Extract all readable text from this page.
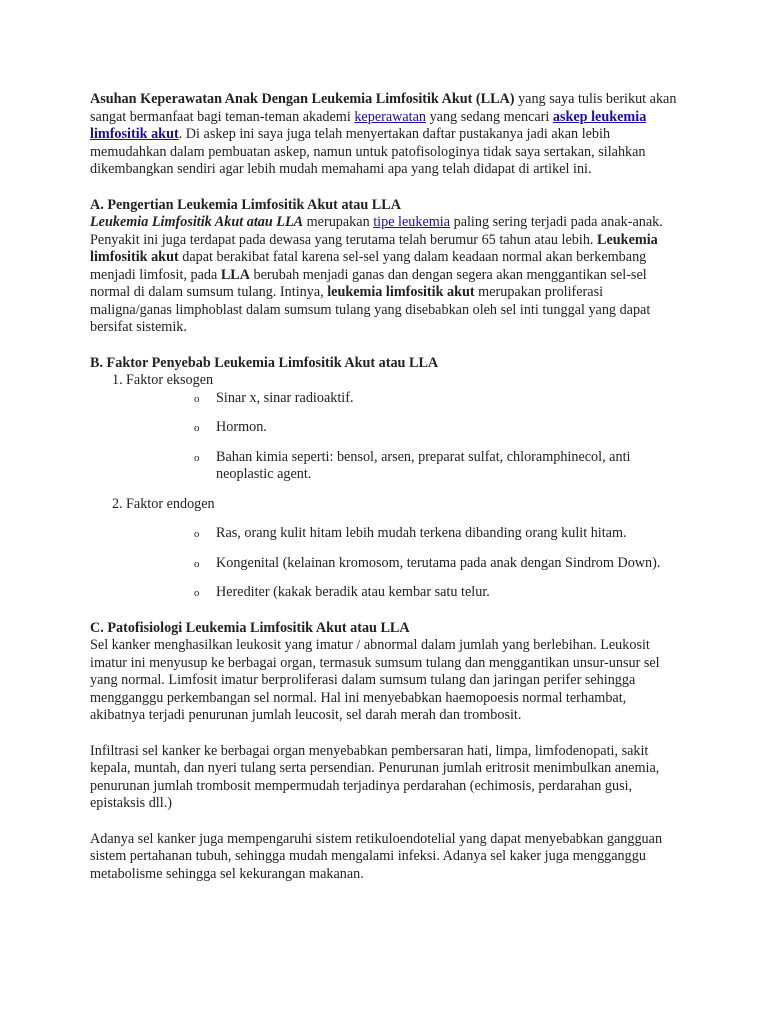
Asuhan Keperawatan Anak Dengan Leukemia Limfositik Akut (LLA) yang saya tulis berikut akan sangat bermanfaat bagi teman-teman akademi keperawatan yang sedang mencari askep leukemia limfositik akut. Di askep ini saya juga telah menyertakan daftar pustakanya jadi akan lebih memudahkan dalam pembuatan askep, namun untuk patofisologinya tidak saya sertakan, silahkan dikembangkan sendiri agar lebih mudah memahami apa yang telah didapat di artikel ini.

A. Pengertian Leukemia Limfositik Akut atau LLA

Leukemia Limfositik Akut atau LLA merupakan tipe leukemia paling sering terjadi pada anak-anak. Penyakit ini juga terdapat pada dewasa yang terutama telah berumur 65 tahun atau lebih. Leukemia limfositik akut dapat berakibat fatal karena sel-sel yang dalam keadaan normal akan berkembang menjadi limfosit, pada LLA berubah menjadi ganas dan dengan segera akan menggantikan sel-sel normal di dalam sumsum tulang. Intinya, leukemia limfositik akut merupakan proliferasi maligna/ganas limphoblast dalam sumsum tulang yang disebabkan oleh sel inti tunggal yang dapat bersifat sistemik.

B. Faktor Penyebab Leukemia Limfositik Akut atau LLA

1. Faktor eksogen
o Sinar x, sinar radioaktif.
o Hormon.
o Bahan kimia seperti: bensol, arsen, preparat sulfat, chloramphinecol, anti neoplastic agent.
2. Faktor endogen
o Ras, orang kulit hitam lebih mudah terkena dibanding orang kulit hitam.
o Kongenital (kelainan kromosom, terutama pada anak dengan Sindrom Down).
o Herediter (kakak beradik atau kembar satu telur.

C. Patofisiologi Leukemia Limfositik Akut atau LLA

Sel kanker menghasilkan leukosit yang imatur / abnormal dalam jumlah yang berlebihan. Leukosit imatur ini menyusup ke berbagai organ, termasuk sumsum tulang dan menggantikan unsur-unsur sel yang normal. Limfosit imatur berproliferasi dalam sumsum tulang dan jaringan perifer sehingga mengganggu perkembangan sel normal. Hal ini menyebabkan haemopoesis normal terhambat, akibatnya terjadi penurunan jumlah leucosit, sel darah merah dan trombosit.

Infiltrasi sel kanker ke berbagai organ menyebabkan pembersaran hati, limpa, limfodenopati, sakit kepala, muntah, dan nyeri tulang serta persendian. Penurunan jumlah eritrosit menimbulkan anemia, penurunan jumlah trombosit mempermudah terjadinya perdarahan (echimosis, perdarahan gusi, epistaksis dll.)

Adanya sel kanker juga mempengaruhi sistem retikuloendotelial yang dapat menyebabkan gangguan sistem pertahanan tubuh, sehingga mudah mengalami infeksi. Adanya sel kaker juga mengganggu metabolisme sehingga sel kekurangan makanan.
